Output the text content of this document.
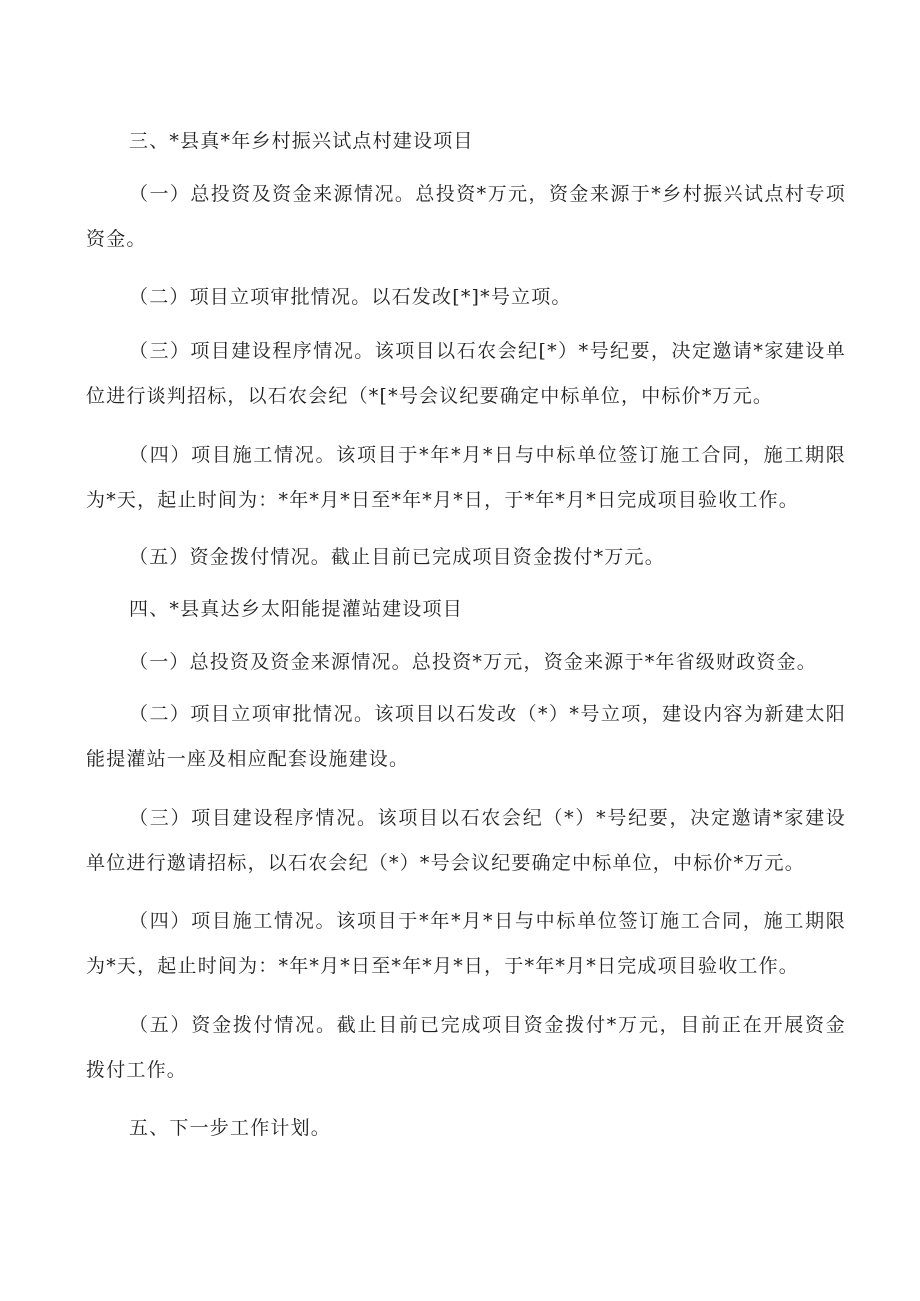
三、*县真*年乡村振兴试点村建设项目

（一）总投资及资金来源情况。总投资*万元，资金来源于*乡村振兴试点村专项资金。

（二）项目立项审批情况。以石发改[*]*号立项。

（三）项目建设程序情况。该项目以石农会纪[*）*号纪要，决定邀请*家建设单位进行谈判招标，以石农会纪（*[*号会议纪要确定中标单位，中标价*万元。

（四）项目施工情况。该项目于*年*月*日与中标单位签订施工合同，施工期限为*天，起止时间为：*年*月*日至*年*月*日，于*年*月*日完成项目验收工作。

（五）资金拨付情况。截止目前已完成项目资金拨付*万元。

四、*县真达乡太阳能提灌站建设项目

（一）总投资及资金来源情况。总投资*万元，资金来源于*年省级财政资金。

（二）项目立项审批情况。该项目以石发改（*）*号立项，建设内容为新建太阳能提灌站一座及相应配套设施建设。

（三）项目建设程序情况。该项目以石农会纪（*）*号纪要，决定邀请*家建设单位进行邀请招标，以石农会纪（*）*号会议纪要确定中标单位，中标价*万元。

（四）项目施工情况。该项目于*年*月*日与中标单位签订施工合同，施工期限为*天，起止时间为：*年*月*日至*年*月*日，于*年*月*日完成项目验收工作。

（五）资金拨付情况。截止目前已完成项目资金拨付*万元，目前正在开展资金拨付工作。

五、下一步工作计划。
